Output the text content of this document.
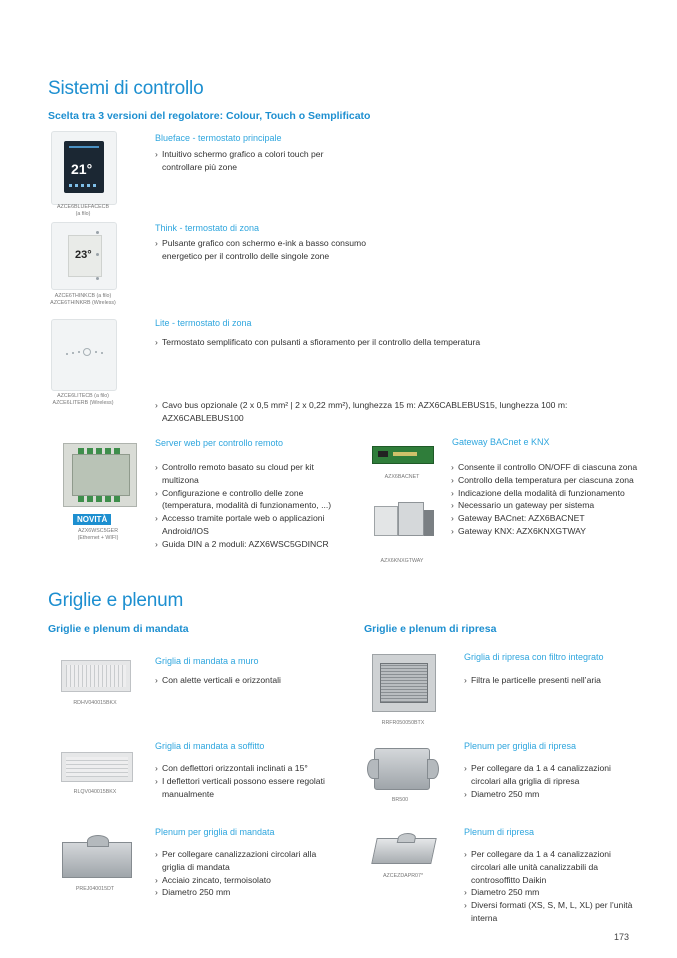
Sistemi di controllo
Scelta tra 3 versioni del regolatore: Colour, Touch o Semplificato
21°
AZCE6BLUEFACECB
(a filo)
Blueface - termostato principale
› Intuitivo schermo grafico a colori touch per controllare più zone
23°
AZCE6THINKCB (a filo)
AZCE6THINKRB (Wireless)
Think - termostato di zona
› Pulsante grafico con schermo e-ink a basso consumo energetico per il controllo delle singole zone
AZCE6LITECB (a filo)
AZCE6LITERB (Wireless)
Lite - termostato di zona
› Termostato semplificato con pulsanti a sfioramento per il controllo della temperatura
› Cavo bus opzionale (2 x 0,5 mm² | 2 x 0,22 mm²), lunghezza 15 m: AZX6CABLEBUS15, lunghezza 100 m: AZX6CABLEBUS100
NOVITÀ
AZX6WSC5GER
(Ethernet + WIFI)
Server web per controllo remoto
› Controllo remoto basato su cloud per kit multizona
› Configurazione e controllo delle zone (temperatura, modalità di funzionamento, ...)
› Accesso tramite portale web o applicazioni Android/IOS
› Guida DIN a 2 moduli: AZX6WSC5GDINCR
AZX6BACNET
AZX6KNXGTWAY
Gateway BACnet e KNX
› Consente il controllo ON/OFF di ciascuna zona
› Controllo della temperatura per ciascuna zona
› Indicazione della modalità di funzionamento
› Necessario un gateway per sistema
› Gateway BACnet: AZX6BACNET
› Gateway KNX: AZX6KNXGTWAY
Griglie e plenum
Griglie e plenum di mandata	Griglie e plenum di ripresa
RDHV040015BKX
Griglia di mandata a muro
› Con alette verticali e orizzontali
RLQV040015BKX
Griglia di mandata a soffitto
› Con deflettori orizzontali inclinati a 15°
› I deflettori verticali possono essere regolati manualmente
PREJ040015DT
Plenum per griglia di mandata
› Per collegare canalizzazioni circolari alla griglia di mandata
› Acciaio zincato, termoisolato
› Diametro 250 mm
RRFR050050BTX
Griglia di ripresa con filtro integrato
› Filtra le particelle presenti nell’aria
BR500
Plenum per griglia di ripresa
› Per collegare da 1 a 4 canalizzazioni circolari alla griglia di ripresa
› Diametro 250 mm
AZCEZDAPR07*
Plenum di ripresa
› Per collegare da 1 a 4 canalizzazioni circolari alle unità canalizzabili da controsoffitto Daikin
› Diametro 250 mm
› Diversi formati (XS, S, M, L, XL) per l’unità interna
173
